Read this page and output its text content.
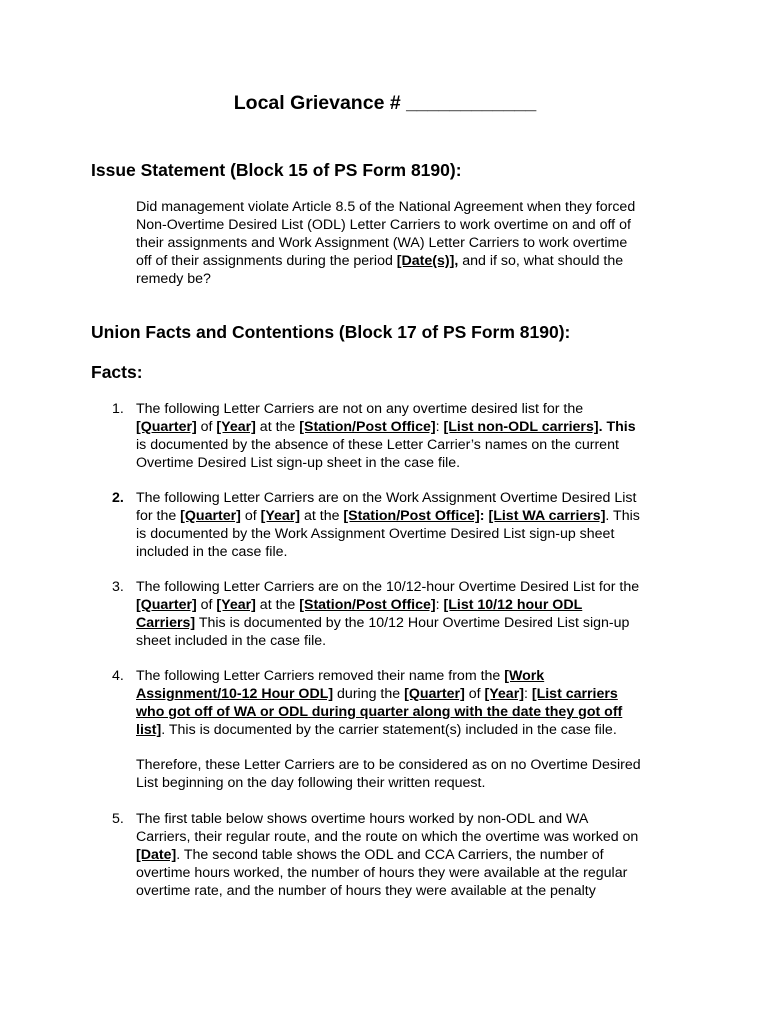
Local Grievance # ____________
Issue Statement (Block 15 of PS Form 8190):
Did management violate Article 8.5 of the National Agreement when they forced
Non-Overtime Desired List (ODL) Letter Carriers to work overtime on and off of
their assignments and Work Assignment (WA) Letter Carriers to work overtime
off of their assignments during the period [Date(s)], and if so, what should the
remedy be?
Union Facts and Contentions (Block 17 of PS Form 8190):
Facts:
1. The following Letter Carriers are not on any overtime desired list for the
[Quarter] of [Year] at the [Station/Post Office]: [List non-ODL carriers]. This
is documented by the absence of these Letter Carrier’s names on the current
Overtime Desired List sign-up sheet in the case file.
2. The following Letter Carriers are on the Work Assignment Overtime Desired List
for the [Quarter] of [Year] at the [Station/Post Office]: [List WA carriers]. This
is documented by the Work Assignment Overtime Desired List sign-up sheet
included in the case file.
3. The following Letter Carriers are on the 10/12-hour Overtime Desired List for the
[Quarter] of [Year] at the [Station/Post Office]: [List 10/12 hour ODL
Carriers] This is documented by the 10/12 Hour Overtime Desired List sign-up
sheet included in the case file.
4. The following Letter Carriers removed their name from the [Work
Assignment/10-12 Hour ODL] during the [Quarter] of [Year]: [List carriers
who got off of WA or ODL during quarter along with the date they got off
list]. This is documented by the carrier statement(s) included in the case file.
Therefore, these Letter Carriers are to be considered as on no Overtime Desired
List beginning on the day following their written request.
5. The first table below shows overtime hours worked by non-ODL and WA
Carriers, their regular route, and the route on which the overtime was worked on
[Date]. The second table shows the ODL and CCA Carriers, the number of
overtime hours worked, the number of hours they were available at the regular
overtime rate, and the number of hours they were available at the penalty
